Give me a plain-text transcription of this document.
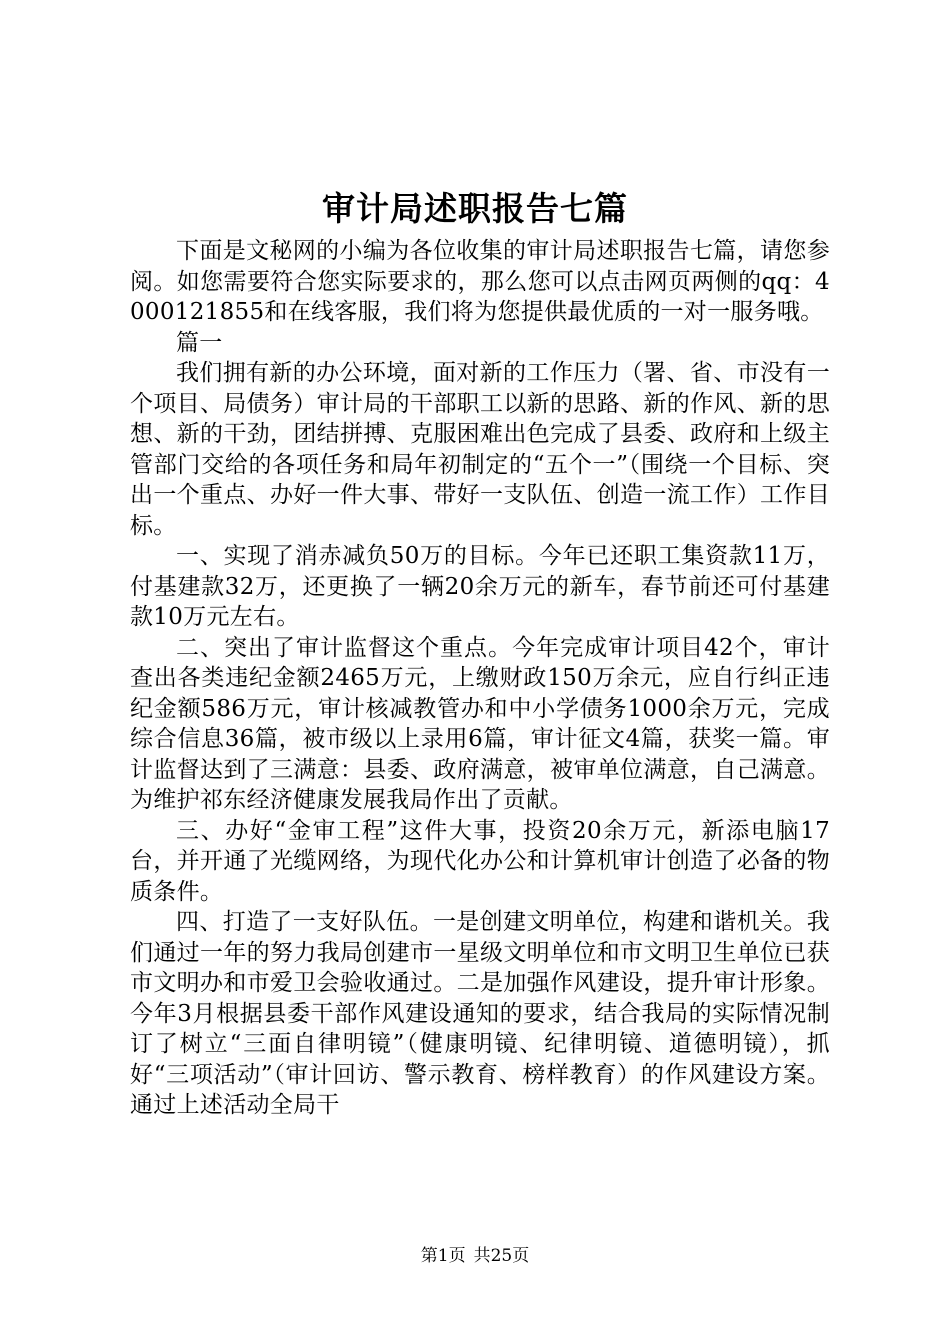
审计局述职报告七篇

下面是文秘网的小编为各位收集的审计局述职报告七篇，请您参阅。如您需要符合您实际要求的，那么您可以点击网页两侧的qq：4000121855和在线客服，我们将为您提供最优质的一对一服务哦。

篇一

我们拥有新的办公环境，面对新的工作压力（署、省、市没有一个项目、局债务）审计局的干部职工以新的思路、新的作风、新的思想、新的干劲，团结拼搏、克服困难出色完成了县委、政府和上级主管部门交给的各项任务和局年初制定的“五个一”（围绕一个目标、突出一个重点、办好一件大事、带好一支队伍、创造一流工作）工作目标。

一、实现了消赤减负50万的目标。今年已还职工集资款11万，付基建款32万，还更换了一辆20余万元的新车，春节前还可付基建款10万元左右。

二、突出了审计监督这个重点。今年完成审计项目42个，审计查出各类违纪金额2465万元，上缴财政150万余元，应自行纠正违纪金额586万元，审计核减教管办和中小学债务1000余万元，完成综合信息36篇，被市级以上录用6篇，审计征文4篇，获奖一篇。审计监督达到了三满意：县委、政府满意，被审单位满意，自己满意。为维护祁东经济健康发展我局作出了贡献。

三、办好“金审工程”这件大事，投资20余万元，新添电脑17台，并开通了光缆网络，为现代化办公和计算机审计创造了必备的物质条件。

四、打造了一支好队伍。一是创建文明单位，构建和谐机关。我们通过一年的努力我局创建市一星级文明单位和市文明卫生单位已获市文明办和市爱卫会验收通过。二是加强作风建设，提升审计形象。今年3月根据县委干部作风建设通知的要求，结合我局的实际情况制订了树立“三面自律明镜”（健康明镜、纪律明镜、道德明镜），抓好“三项活动”（审计回访、警示教育、榜样教育）的作风建设方案。通过上述活动全局干

第1页 共25页
